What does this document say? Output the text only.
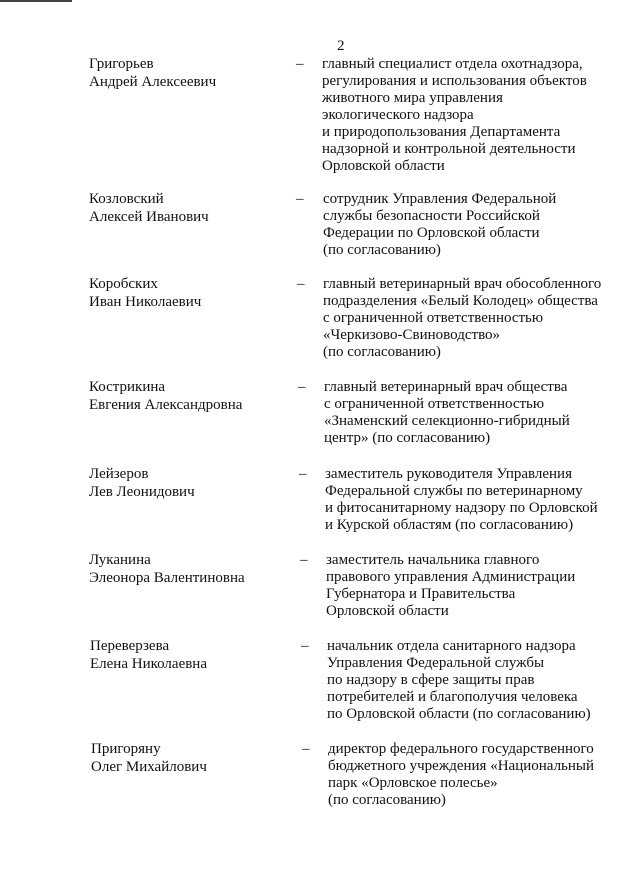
2
Григорьев
Андрей Алексеевич
– главный специалист отдела охотнадзора,
регулирования и использования объектов
животного мира управления
экологического надзора
и природопользования Департамента
надзорной и контрольной деятельности
Орловской области
Козловский
Алексей Иванович
– сотрудник Управления Федеральной
службы безопасности Российской
Федерации по Орловской области
(по согласованию)
Коробских
Иван Николаевич
– главный ветеринарный врач обособленного
подразделения «Белый Колодец» общества
с ограниченной ответственностью
«Черкизово-Свиноводство»
(по согласованию)
Кострикина
Евгения Александровна
– главный ветеринарный врач общества
с ограниченной ответственностью
«Знаменский селекционно-гибридный
центр» (по согласованию)
Лейзеров
Лев Леонидович
– заместитель руководителя Управления
Федеральной службы по ветеринарному
и фитосанитарному надзору по Орловской
и Курской областям (по согласованию)
Луканина
Элеонора Валентиновна
– заместитель начальника главного
правового управления Администрации
Губернатора и Правительства
Орловской области
Переверзева
Елена Николаевна
– начальник отдела санитарного надзора
Управления Федеральной службы
по надзору в сфере защиты прав
потребителей и благополучия человека
по Орловской области (по согласованию)
Пригоряну
Олег Михайлович
– директор федерального государственного
бюджетного учреждения «Национальный
парк «Орловское полесье»
(по согласованию)
